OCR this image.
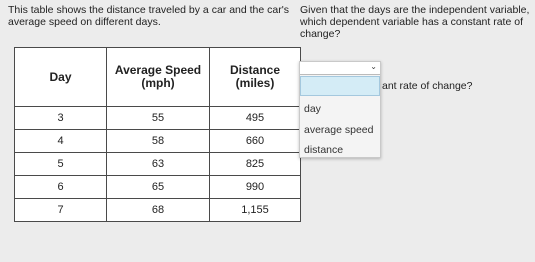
This table shows the distance traveled by a car and the car's average speed on different days.
Day	Average Speed (mph)	Distance (miles)
3	55	495
4	58	660
5	63	825
6	65	990
7	68	1,155
Given that the days are the independent variable, which dependent variable has a constant rate of change?
ant rate of change?
⌄
day
average speed
distance
